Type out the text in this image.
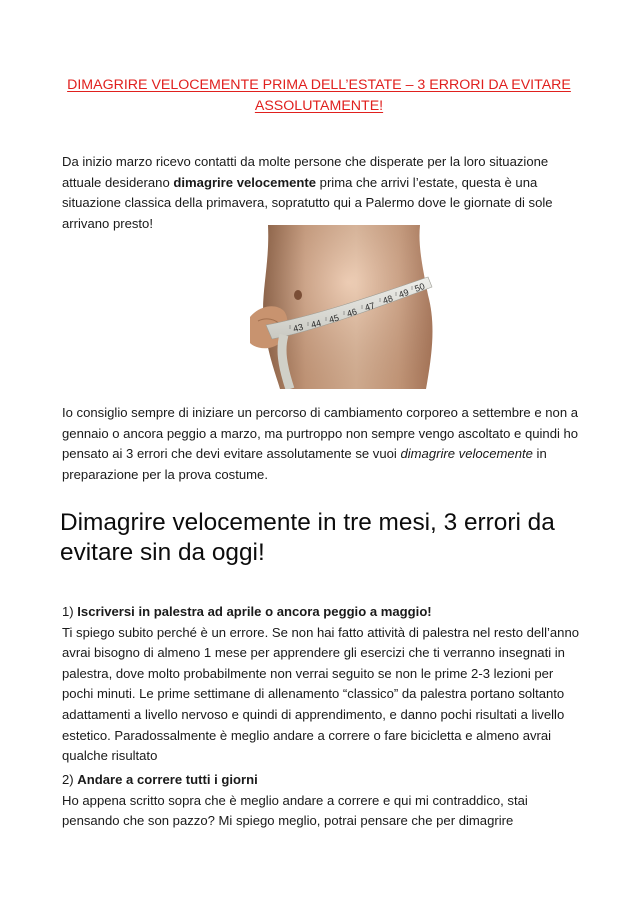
DIMAGRIRE VELOCEMENTE PRIMA DELL’ESTATE – 3 ERRORI DA EVITARE ASSOLUTAMENTE!
Da inizio marzo ricevo contatti da molte persone che disperate per la loro situazione attuale desiderano dimagrire velocemente prima che arrivi l’estate, questa è una situazione classica della primavera, sopratutto qui a Palermo dove le giornate di sole arrivano presto!
43 44 45 46 47
48 49 50
Io consiglio sempre di iniziare un percorso di cambiamento corporeo a settembre e non a gennaio o ancora peggio a marzo, ma purtroppo non sempre vengo ascoltato e quindi ho pensato ai 3 errori che devi evitare assolutamente se vuoi dimagrire velocemente in preparazione per la prova costume.
Dimagrire velocemente in tre mesi, 3 errori da evitare sin da oggi!
1) Iscriversi in palestra ad aprile o ancora peggio a maggio!
Ti spiego subito perché è un errore. Se non hai fatto attività di palestra nel resto dell’anno avrai bisogno di almeno 1 mese per apprendere gli esercizi che ti verranno insegnati in palestra, dove molto probabilmente non verrai seguito se non le prime 2-3 lezioni per pochi minuti. Le prime settimane di allenamento “classico” da palestra portano soltanto adattamenti a livello nervoso e quindi di apprendimento, e danno pochi risultati a livello estetico. Paradossalmente è meglio andare a correre o fare bicicletta e almeno avrai qualche risultato
2) Andare a correre tutti i giorni
Ho appena scritto sopra che è meglio andare a correre e qui mi contraddico, stai pensando che son pazzo? Mi spiego meglio, potrai pensare che per dimagrire
